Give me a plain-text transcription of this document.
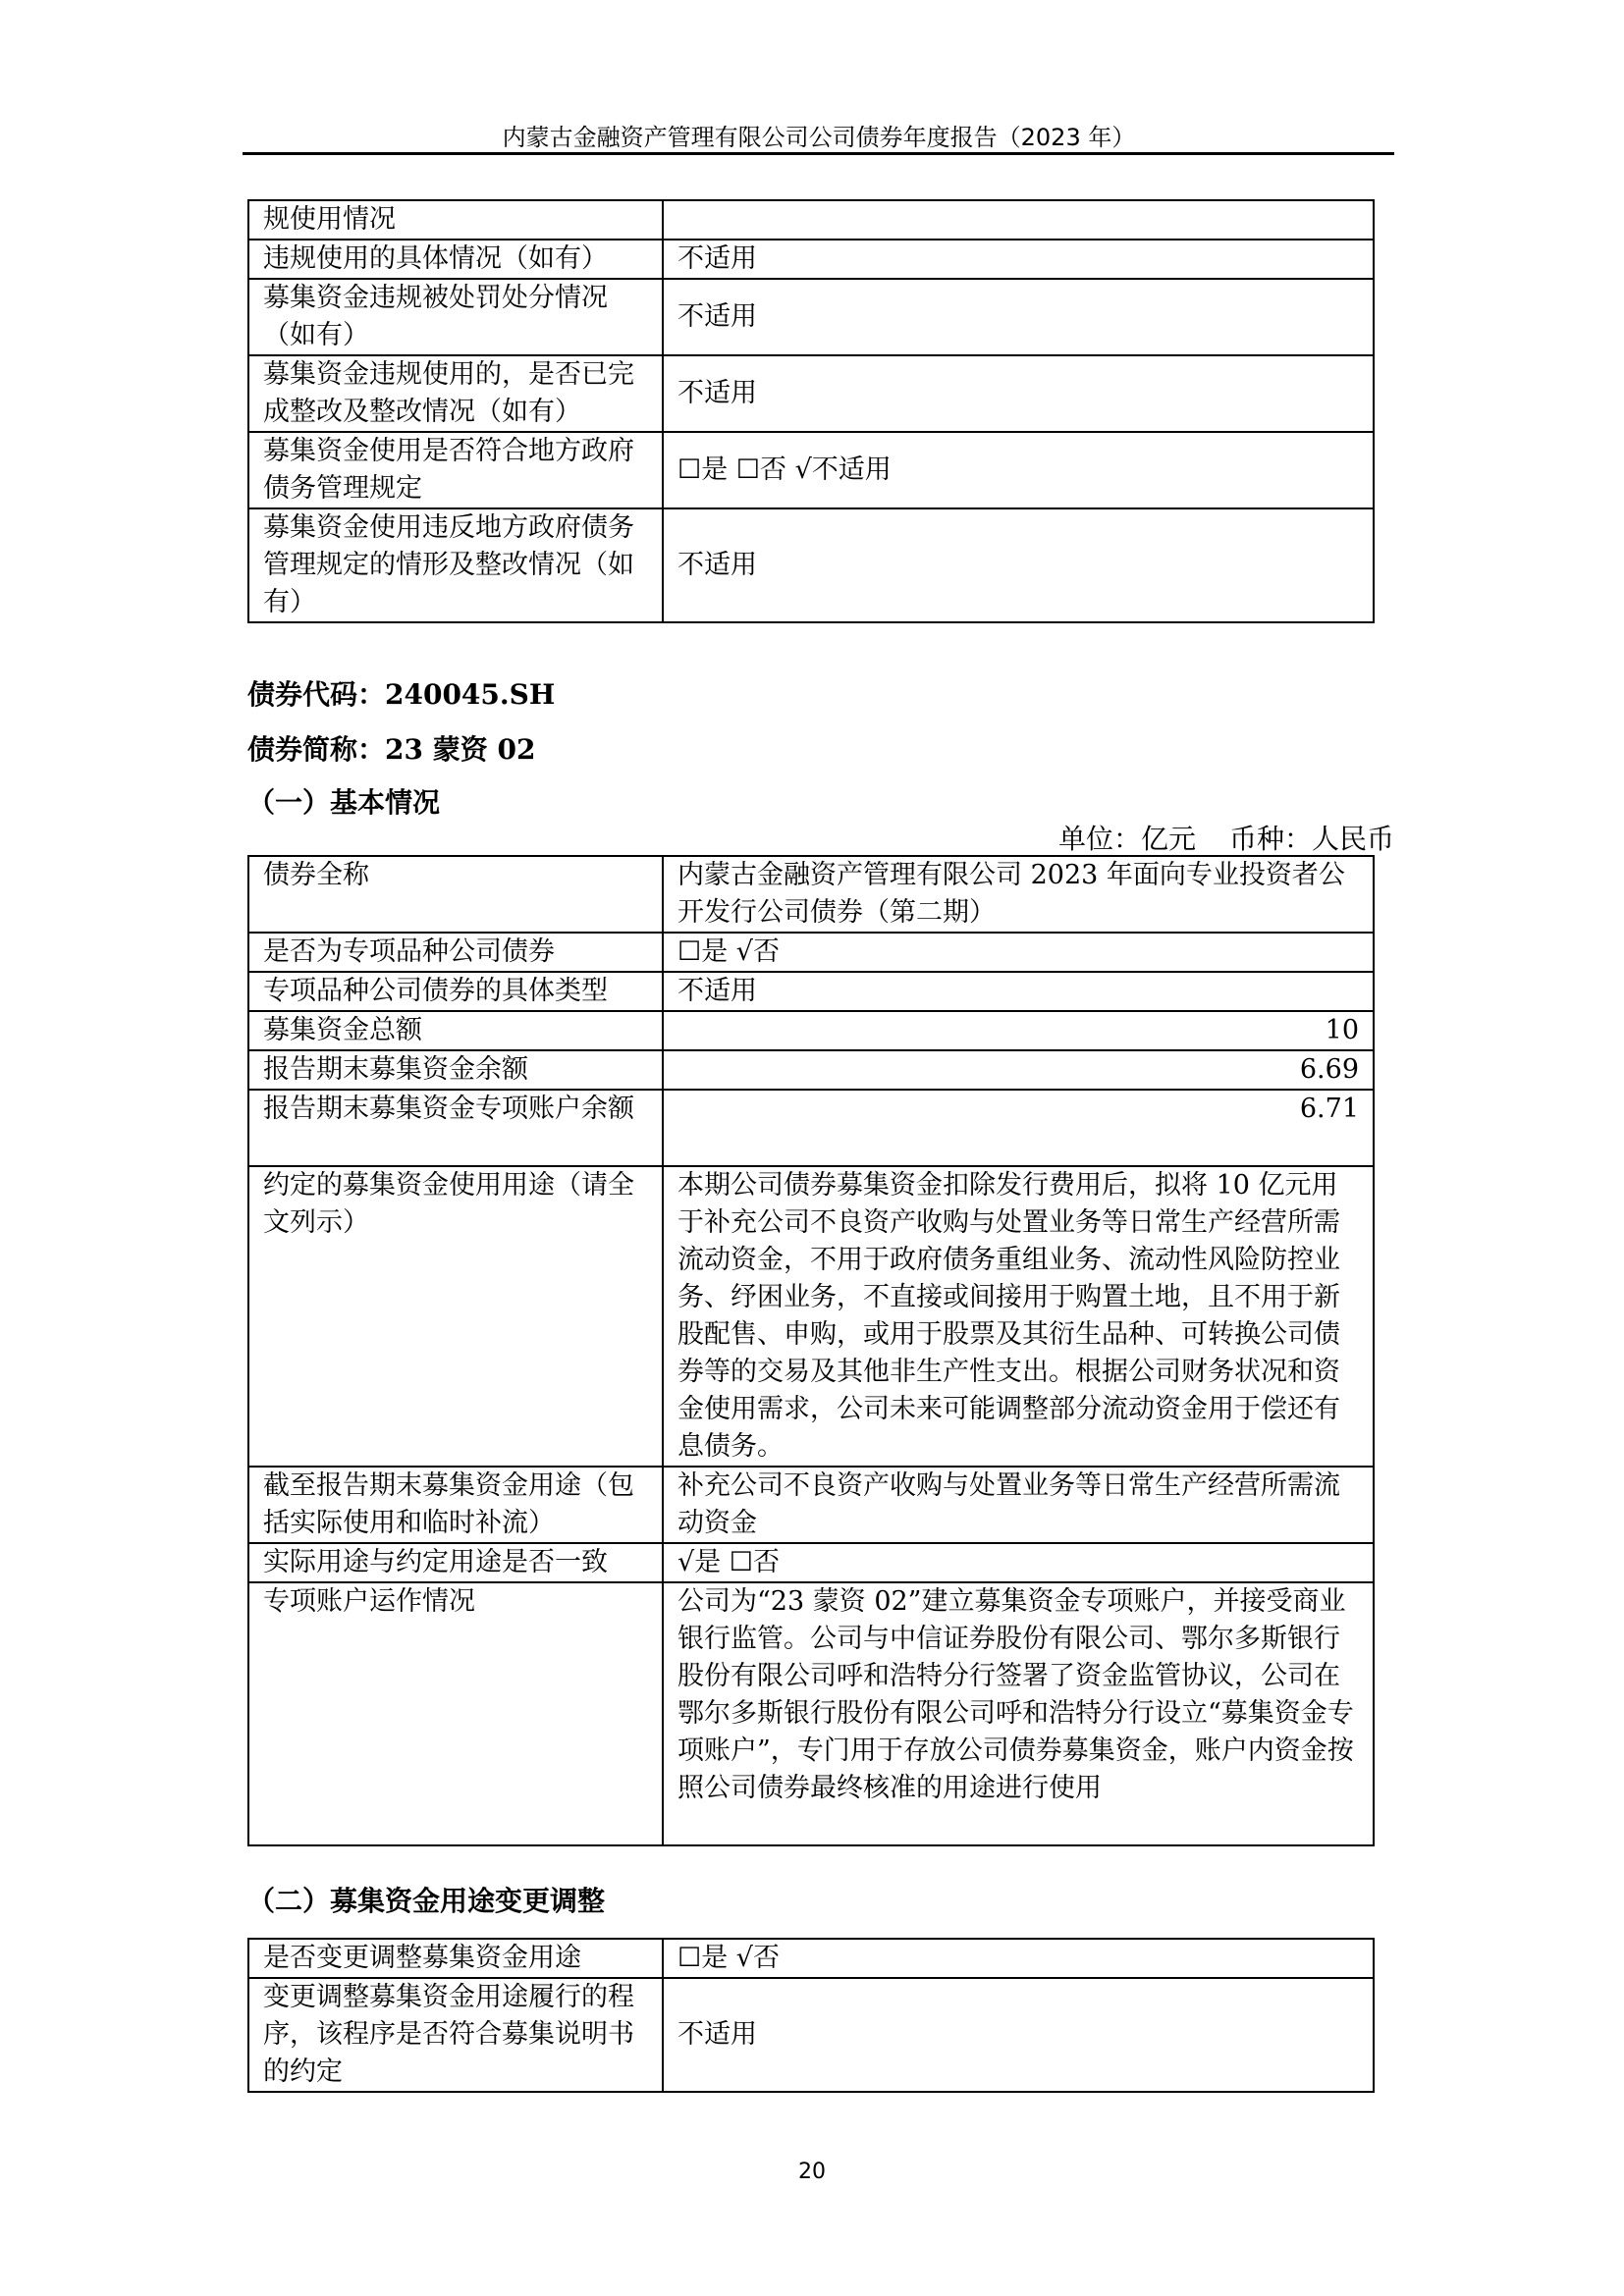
内蒙古金融资产管理有限公司公司债券年度报告（2023 年）
规使用情况	
违规使用的具体情况（如有）	不适用
募集资金违规被处罚处分情况（如有）	不适用
募集资金违规使用的，是否已完成整改及整改情况（如有）	不适用
募集资金使用是否符合地方政府债务管理规定	☐是 ☐否 √不适用
募集资金使用违反地方政府债务管理规定的情形及整改情况（如有）	不适用
债券代码：240045.SH
债券简称：23 蒙资 02
（一）基本情况
单位：亿元 币种：人民币
债券全称	内蒙古金融资产管理有限公司 2023 年面向专业投资者公开发行公司债券（第二期）
是否为专项品种公司债券	☐是 √否
专项品种公司债券的具体类型	不适用
募集资金总额	10
报告期末募集资金余额	6.69
报告期末募集资金专项账户余额	6.71
约定的募集资金使用用途（请全文列示）	本期公司债券募集资金扣除发行费用后，拟将 10 亿元用于补充公司不良资产收购与处置业务等日常生产经营所需流动资金，不用于政府债务重组业务、流动性风险防控业务、纾困业务，不直接或间接用于购置土地，且不用于新股配售、申购，或用于股票及其衍生品种、可转换公司债券等的交易及其他非生产性支出。根据公司财务状况和资金使用需求，公司未来可能调整部分流动资金用于偿还有息债务。
截至报告期末募集资金用途（包括实际使用和临时补流）	补充公司不良资产收购与处置业务等日常生产经营所需流动资金
实际用途与约定用途是否一致	√是 ☐否
专项账户运作情况	公司为“23 蒙资 02”建立募集资金专项账户，并接受商业银行监管。公司与中信证券股份有限公司、鄂尔多斯银行股份有限公司呼和浩特分行签署了资金监管协议，公司在鄂尔多斯银行股份有限公司呼和浩特分行设立“募集资金专项账户”，专门用于存放公司债券募集资金，账户内资金按照公司债券最终核准的用途进行使用
（二）募集资金用途变更调整
是否变更调整募集资金用途	☐是 √否
变更调整募集资金用途履行的程序，该程序是否符合募集说明书的约定	不适用
20
